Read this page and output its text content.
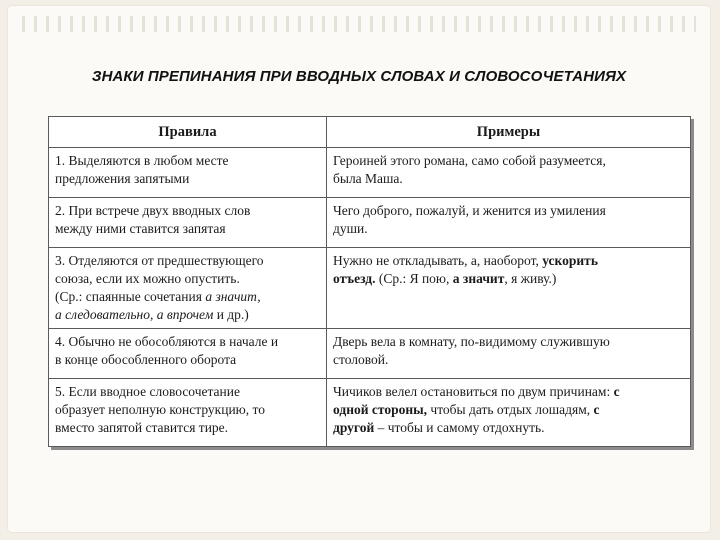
ЗНАКИ ПРЕПИНАНИЯ ПРИ ВВОДНЫХ СЛОВАХ И СЛОВОСОЧЕТАНИЯХ
Правила	Примеры

1. Выделяются в любом месте
предложения запятыми	Героиней этого романа, само собой разумеется,
была Маша.

2. При встрече двух вводных слов
между ними ставится запятая	Чего доброго, пожалуй, и женится из умиления
души.

3. Отделяются от предшествующего
союза, если их можно опустить.
(Ср.: спаянные сочетания а значит,
а следовательно, а впрочем и др.)	Нужно не откладывать, а, наоборот, ускорить
отъезд. (Ср.: Я пою, а значит, я живу.)

4. Обычно не обособляются в начале и
в конце обособленного оборота	Дверь вела в комнату, по-видимому служившую
столовой.

5. Если вводное словосочетание
образует неполную конструкцию, то
вместо запятой ставится тире.	Чичиков велел остановиться по двум причинам: с
одной стороны, чтобы дать отдых лошадям, с
другой – чтобы и самому отдохнуть.
